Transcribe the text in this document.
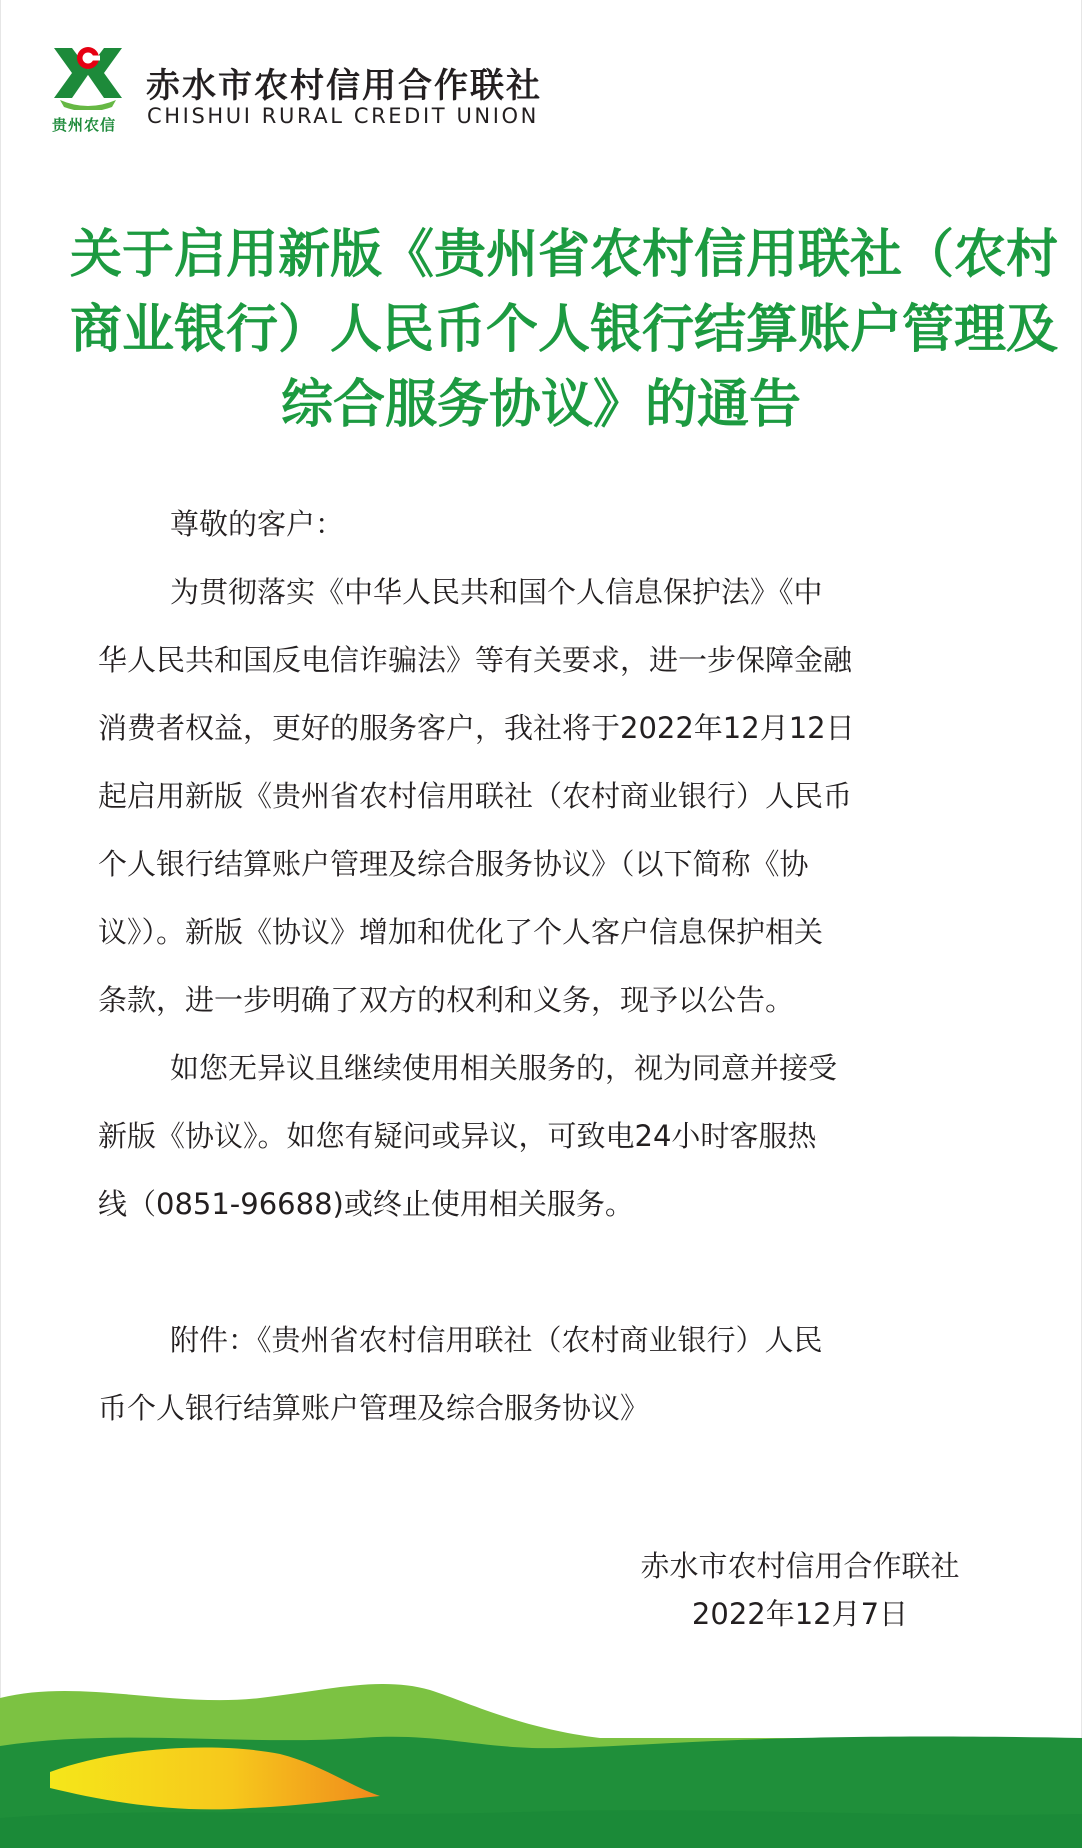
贵州农信
赤水市农村信用合作联社
CHISHUI RURAL CREDIT UNION
关于启用新版《贵州省农村信用联社（农村
商业银行）人民币个人银行结算账户管理及
综合服务协议》的通告

尊敬的客户：

为贯彻落实《中华人民共和国个人信息保护法》《中
华人民共和国反电信诈骗法》等有关要求，进一步保障金融
消费者权益，更好的服务客户，我社将于2022年12月12日
起启用新版《贵州省农村信用联社（农村商业银行）人民币
个人银行结算账户管理及综合服务协议》（以下简称《协
议》）。新版《协议》增加和优化了个人客户信息保护相关
条款，进一步明确了双方的权利和义务，现予以公告。

如您无异议且继续使用相关服务的，视为同意并接受
新版《协议》。如您有疑问或异议，可致电24小时客服热
线（0851-96688)或终止使用相关服务。

附件：《贵州省农村信用联社（农村商业银行）人民
币个人银行结算账户管理及综合服务协议》

赤水市农村信用合作联社
2022年12月7日
